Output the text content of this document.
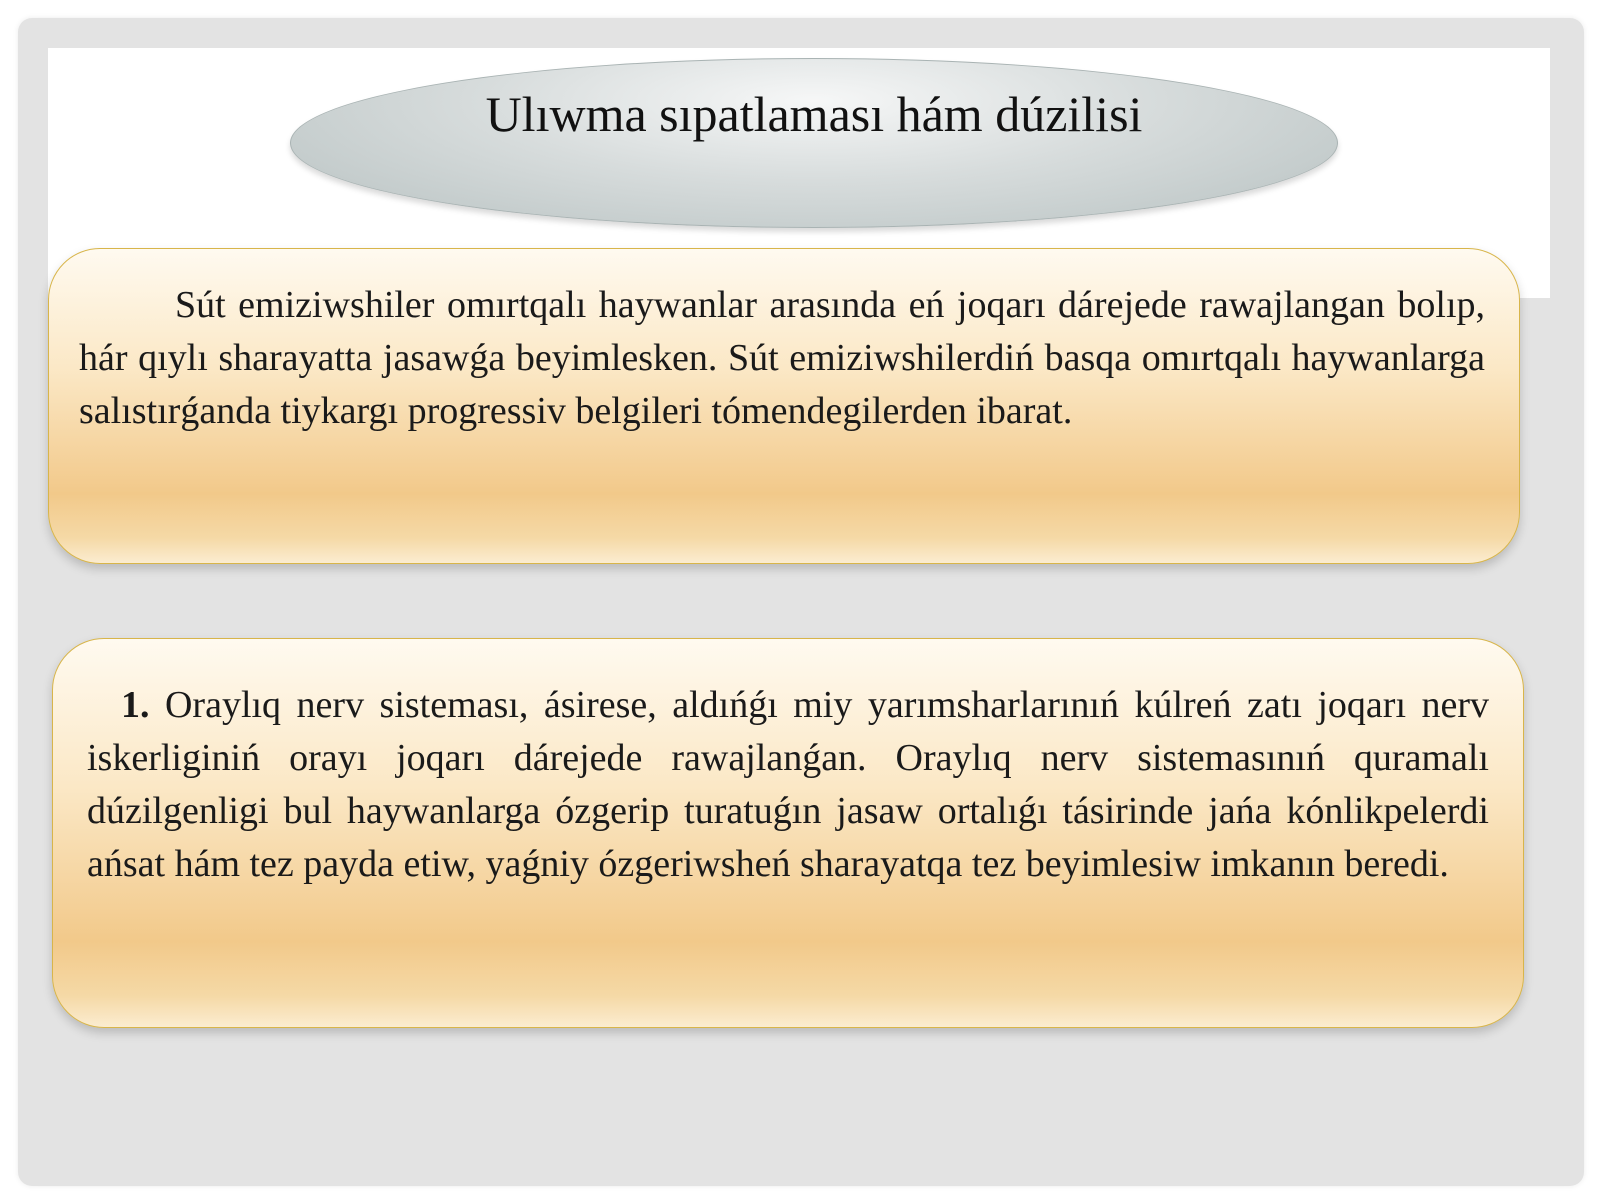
Ulıwma sıpatlaması hám dúzilisi
Sút emiziwshiler omırtqalı haywanlar arasında eń joqarı dárejede rawajlangan bolıp, hár qıylı sharayatta jasawǵa beyimlesken. Sút emiziwshilerdiń basqa omırtqalı haywanlarga salıstırǵanda tiykargı progressiv belgileri tómendegilerden ibarat.
1. Oraylıq nerv sisteması, ásirese, aldıńǵı miy yarımsharlarınıń kúlreń zatı joqarı nerv iskerliginiń orayı joqarı dárejede rawajlanǵan. Oraylıq nerv sistemasınıń quramalı dúzilgenligi bul haywanlarga ózgerip turatuǵın jasaw ortalıǵı tásirinde jańa kónlikpelerdi ańsat hám tez payda etiw, yaǵniy ózgeriwsheń sharayatqa tez beyimlesiw imkanın beredi.
